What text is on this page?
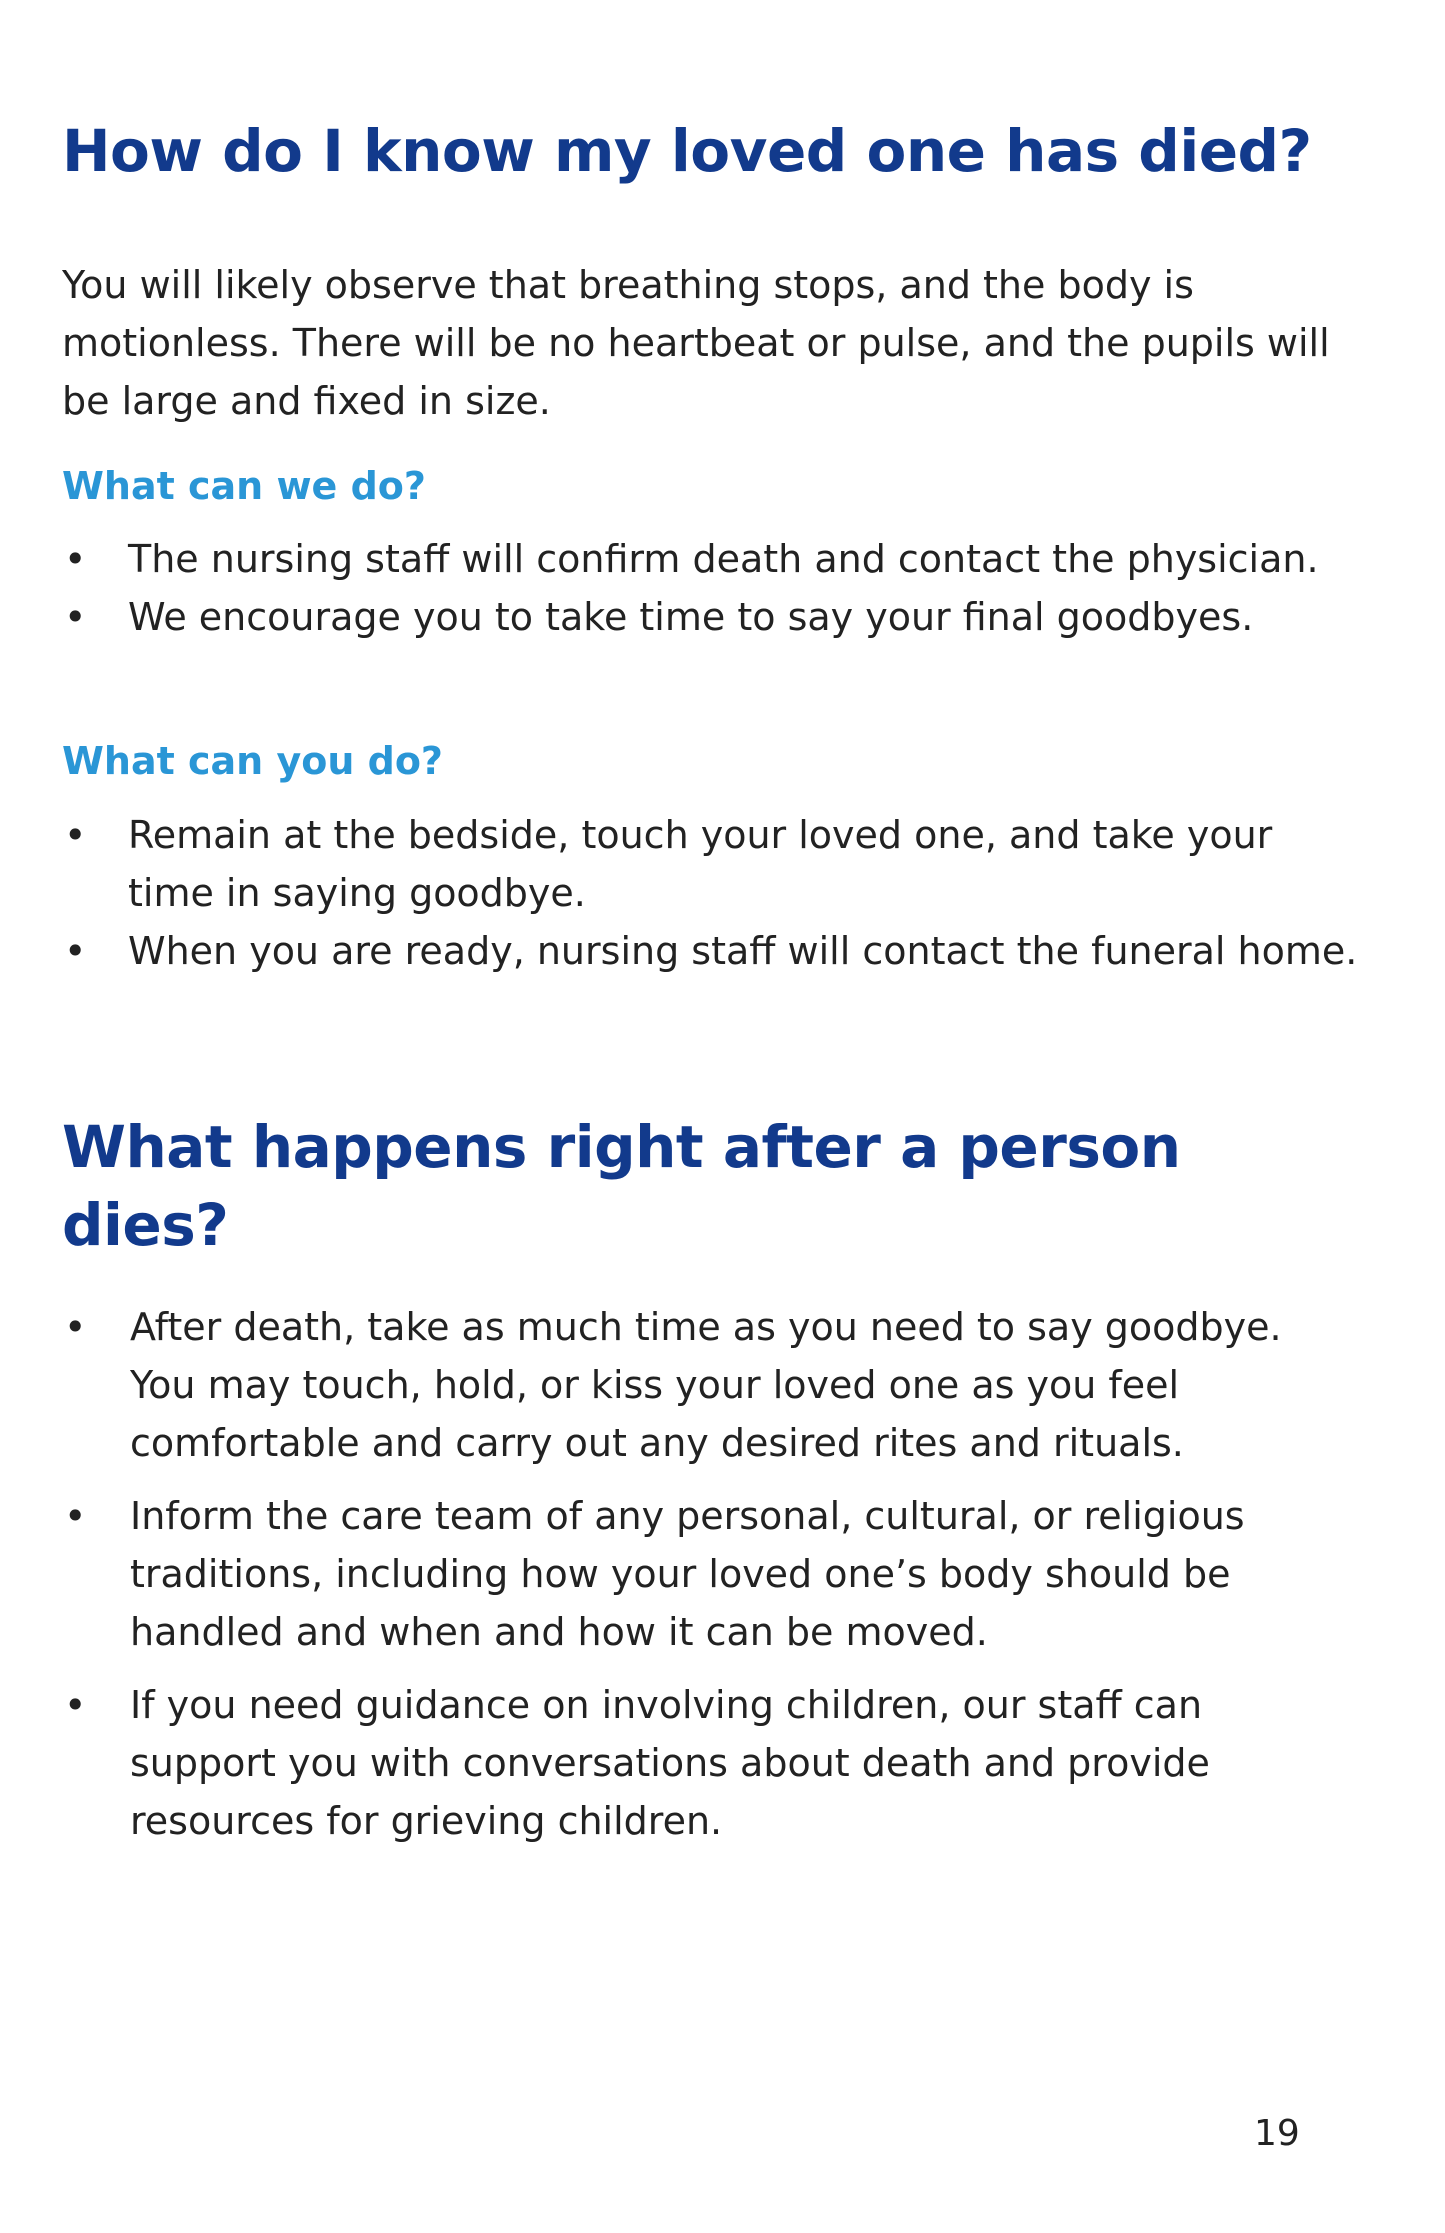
How do I know my loved one has died?

You will likely observe that breathing stops, and the body is motionless. There will be no heartbeat or pulse, and the pupils will be large and fixed in size.

What can we do?
•	The nursing staff will confirm death and contact the physician.
•	We encourage you to take time to say your final goodbyes.
What can you do?
•	Remain at the bedside, touch your loved one, and take your time in saying goodbye.
•	When you are ready, nursing staff will contact the funeral home.
What happens right after a person dies?
•	After death, take as much time as you need to say goodbye. You may touch, hold, or kiss your loved one as you feel comfortable and carry out any desired rites and rituals.
•	Inform the care team of any personal, cultural, or religious traditions, including how your loved one’s body should be handled and when and how it can be moved.
•	If you need guidance on involving children, our staff can support you with conversations about death and provide resources for grieving children.
19
